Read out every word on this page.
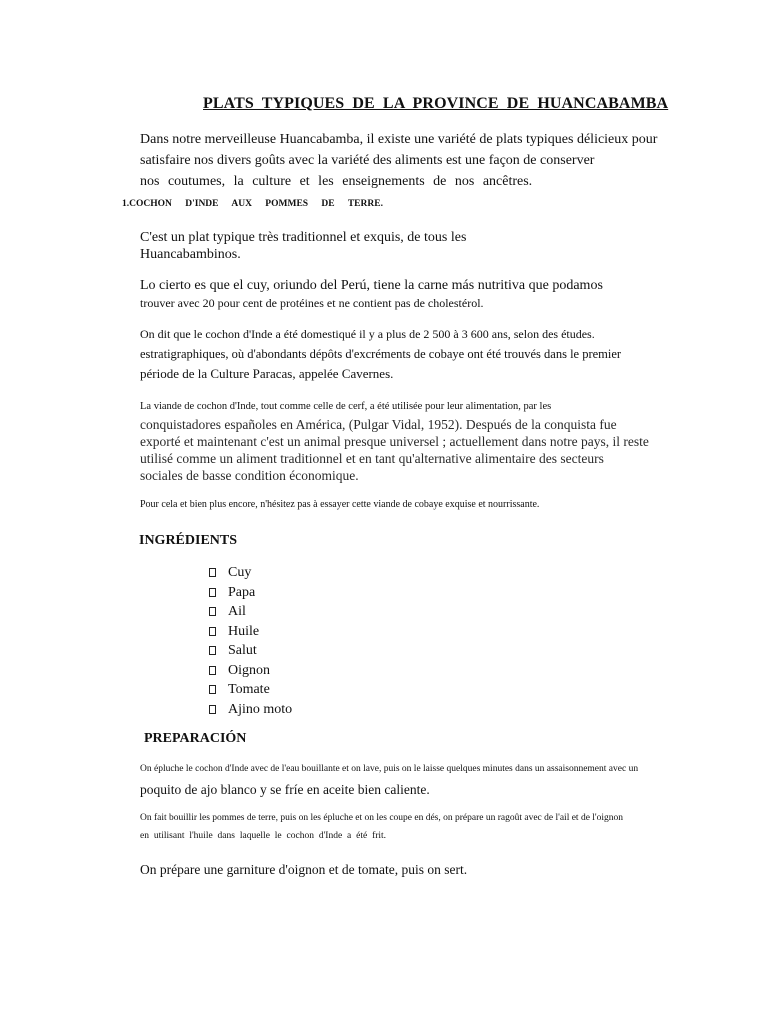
PLATS TYPIQUES DE LA PROVINCE DE HUANCABAMBA

Dans notre merveilleuse Huancabamba, il existe une variété de plats typiques délicieux pour
satisfaire nos divers goûts avec la variété des aliments est une façon de conserver
nos coutumes, la culture et les enseignements de nos ancêtres.

1.COCHON D'INDE AUX POMMES DE TERRE.

C'est un plat typique très traditionnel et exquis, de tous les
Huancabambinos.

Lo cierto es que el cuy, oriundo del Perú, tiene la carne más nutritiva que podamos

trouver avec 20 pour cent de protéines et ne contient pas de cholestérol.

On dit que le cochon d'Inde a été domestiqué il y a plus de 2 500 à 3 600 ans, selon des études.

estratigraphiques, où d'abondants dépôts d'excréments de cobaye ont été trouvés dans le premier

période de la Culture Paracas, appelée Cavernes.

La viande de cochon d'Inde, tout comme celle de cerf, a été utilisée pour leur alimentation, par les

conquistadores españoles en América, (Pulgar Vidal, 1952). Después de la conquista fue
exporté et maintenant c'est un animal presque universel ; actuellement dans notre pays, il reste
utilisé comme un aliment traditionnel et en tant qu'alternative alimentaire des secteurs
sociales de basse condition économique.

Pour cela et bien plus encore, n'hésitez pas à essayer cette viande de cobaye exquise et nourrissante.

INGRÉDIENTS

Cuy
Papa
Ail
Huile
Salut
Oignon
Tomate
Ajino moto

PREPARACIÓN

On épluche le cochon d'Inde avec de l'eau bouillante et on lave, puis on le laisse quelques minutes dans un assaisonnement avec un

poquito de ajo blanco y se fríe en aceite bien caliente.

On fait bouillir les pommes de terre, puis on les épluche et on les coupe en dés, on prépare un ragoût avec de l'ail et de l'oignon

en utilisant l'huile dans laquelle le cochon d'Inde a été frit.

On prépare une garniture d'oignon et de tomate, puis on sert.
